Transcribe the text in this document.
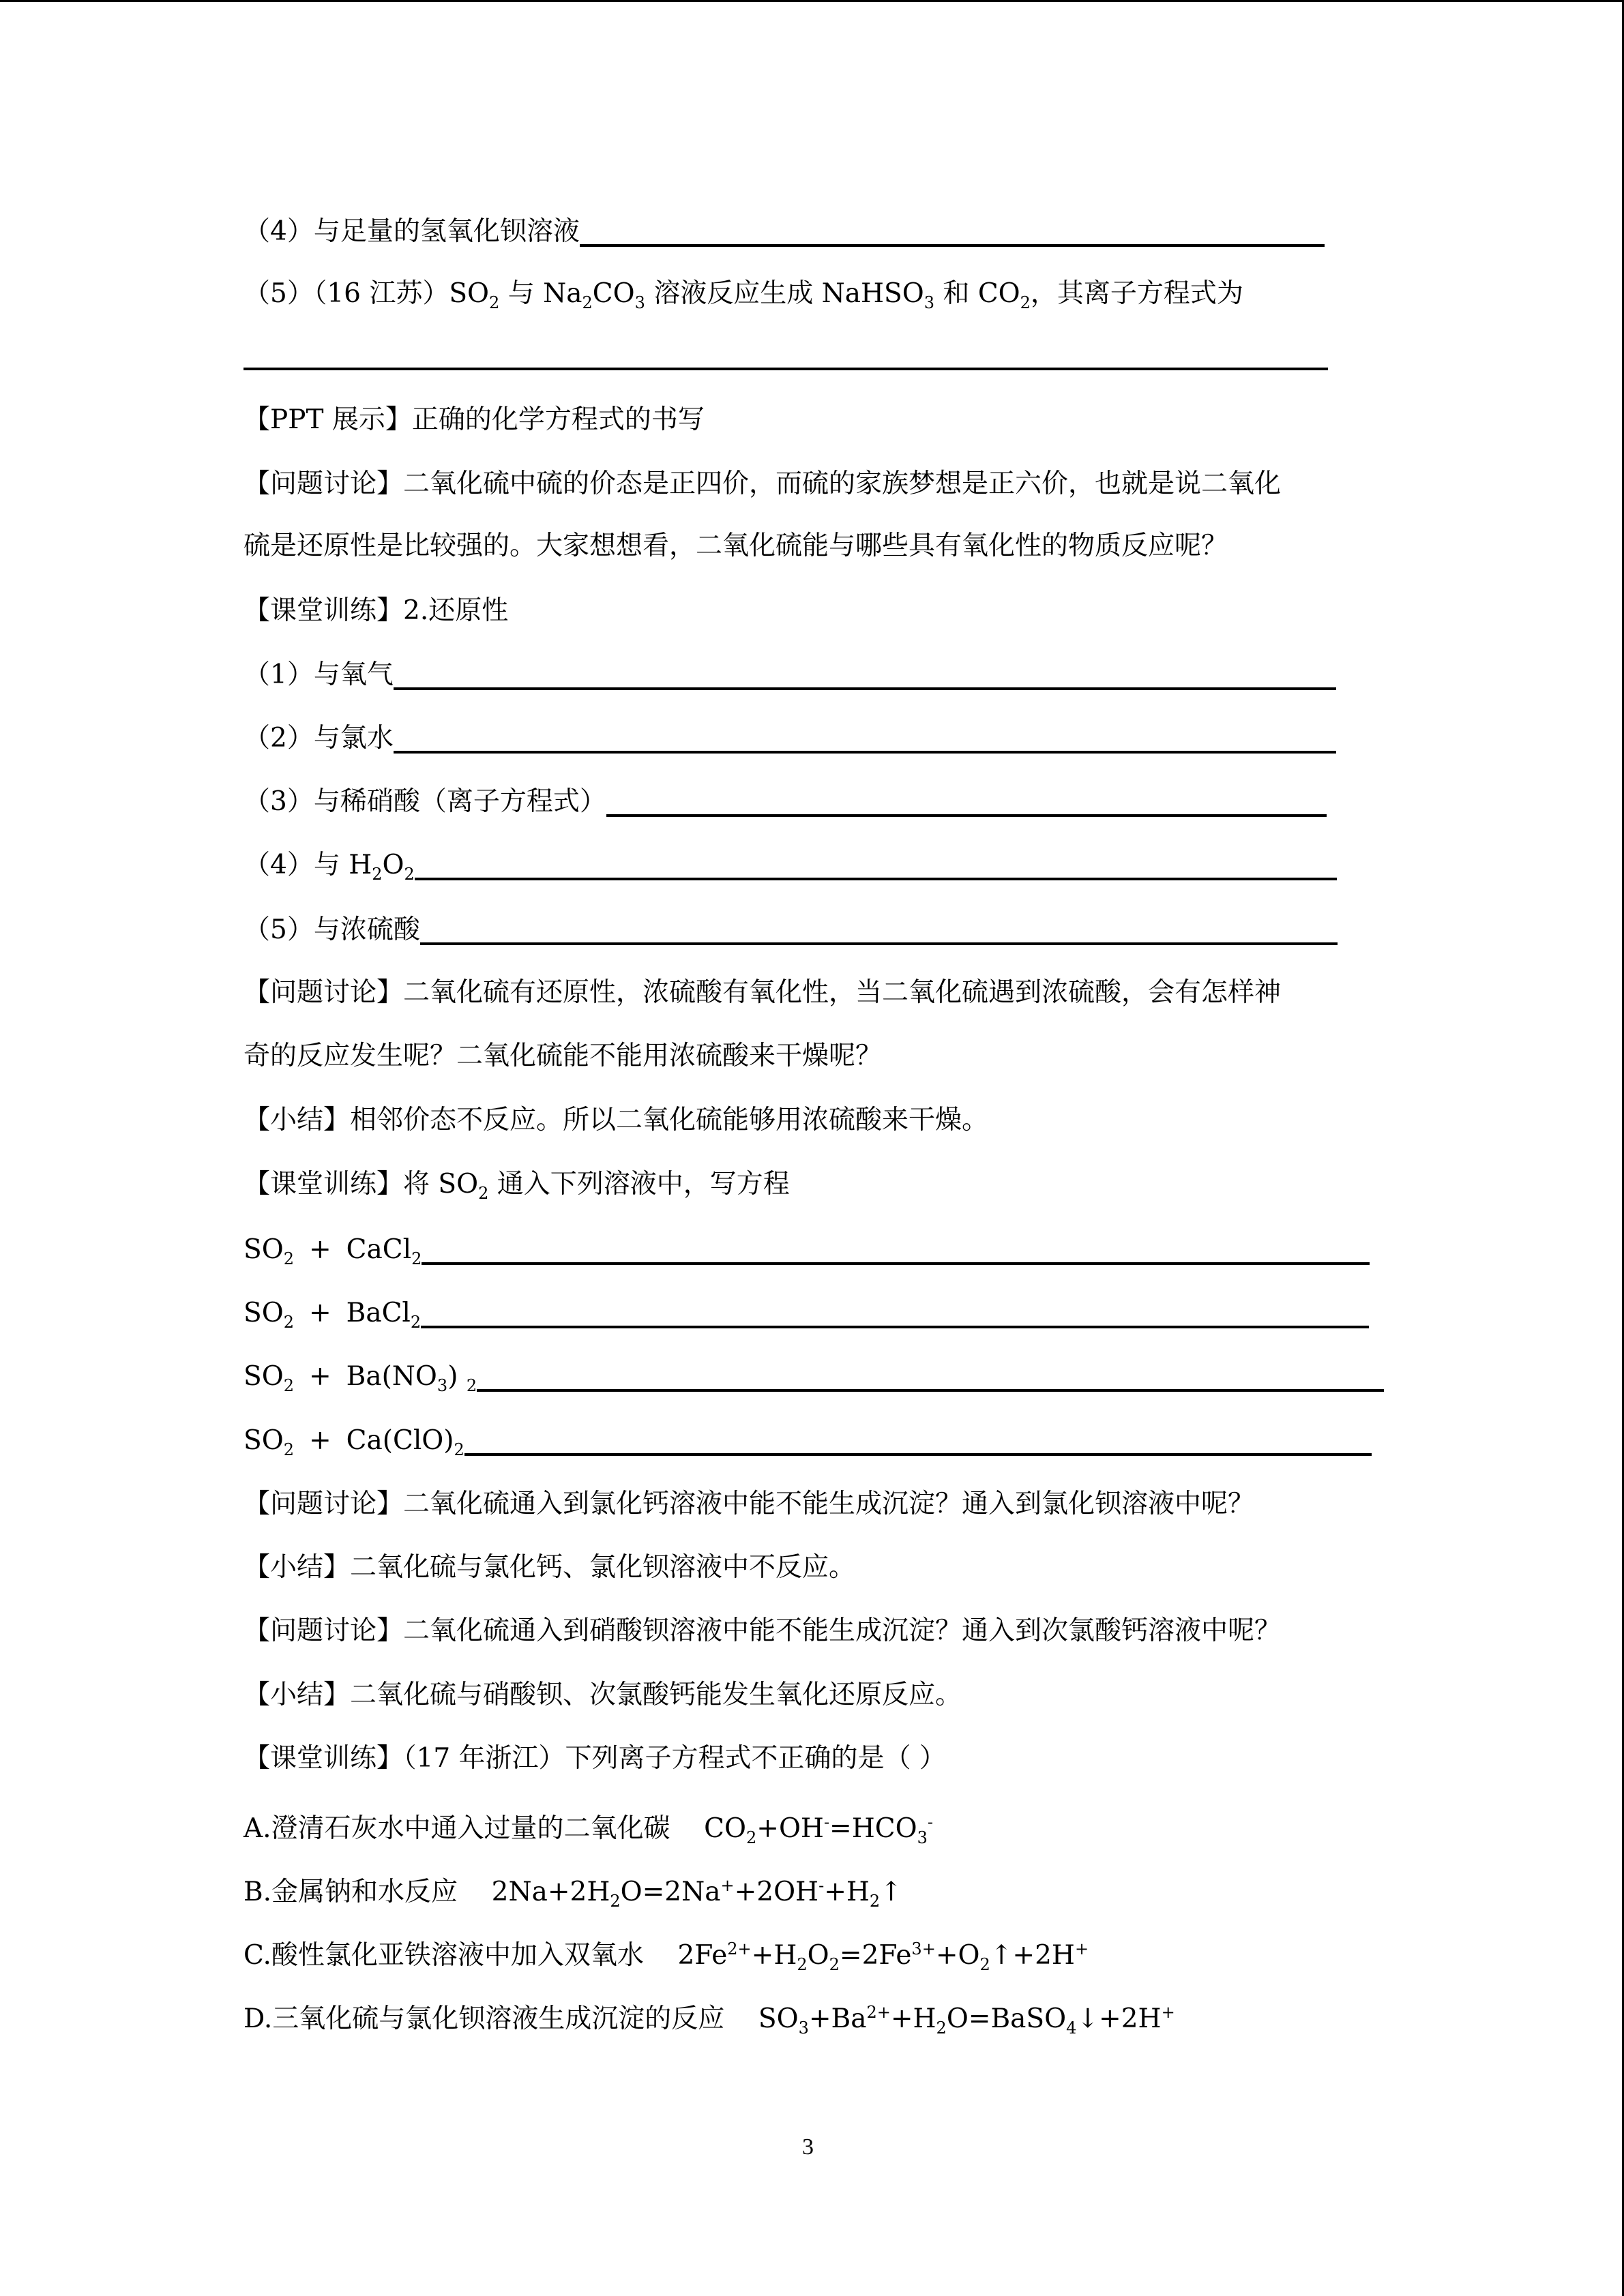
（4）与足量的氢氧化钡溶液
（5）（16 江苏）$SO_2$ 与 $Na_2CO_3$ 溶液反应生成 NaHSO$_3$ 和 $CO_2$，其离子方程式为
【PPT 展示】正确的化学方程式的书写
【问题讨论】二氧化硫中硫的价态是正四价，而硫的家族梦想是正六价，也就是说二氧化
硫是还原性是比较强的。大家想想看，二氧化硫能与哪些具有氧化性的物质反应呢？
【课堂训练】2.还原性
（1）与氧气
（2）与氯水
（3）与稀硝酸（离子方程式）
（4）与 $H_2O_2$
（5）与浓硫酸
【问题讨论】二氧化硫有还原性，浓硫酸有氧化性，当二氧化硫遇到浓硫酸，会有怎样神
奇的反应发生呢？二氧化硫能不能用浓硫酸来干燥呢？
【小结】相邻价态不反应。所以二氧化硫能够用浓硫酸来干燥。
【课堂训练】将 $SO_2$ 通入下列溶液中，写方程
$SO_2$ + CaCl$_2$
$SO_2$ + BaCl$_2$
$SO_2 + Ba(NO_3)$ $_2$
$SO_2 + Ca(ClO)_2$
【问题讨论】二氧化硫通入到氯化钙溶液中能不能生成沉淀？通入到氯化钡溶液中呢？
【小结】二氧化硫与氯化钙、氯化钡溶液中不反应。
【问题讨论】二氧化硫通入到硝酸钡溶液中能不能生成沉淀？通入到次氯酸钙溶液中呢？
【小结】二氧化硫与硝酸钡、次氯酸钙能发生氧化还原反应。
【课堂训练】（17 年浙江）下列离子方程式不正确的是（ ）
A.澄清石灰水中通入过量的二氧化碳 $CO_2+OH^-=HCO_3^-$
B.金属钠和水反应 $2Na+2H_2O=2Na^++2OH^-+H_2↑$
C.酸性氯化亚铁溶液中加入双氧水 $2Fe^{2+}+H_2O_2=2Fe^{3+}+O_2↑+2H^+$
D.三氧化硫与氯化钡溶液生成沉淀的反应 $SO_3+Ba^{2+}+H_2O=BaSO_4↓+2H^+$
3
